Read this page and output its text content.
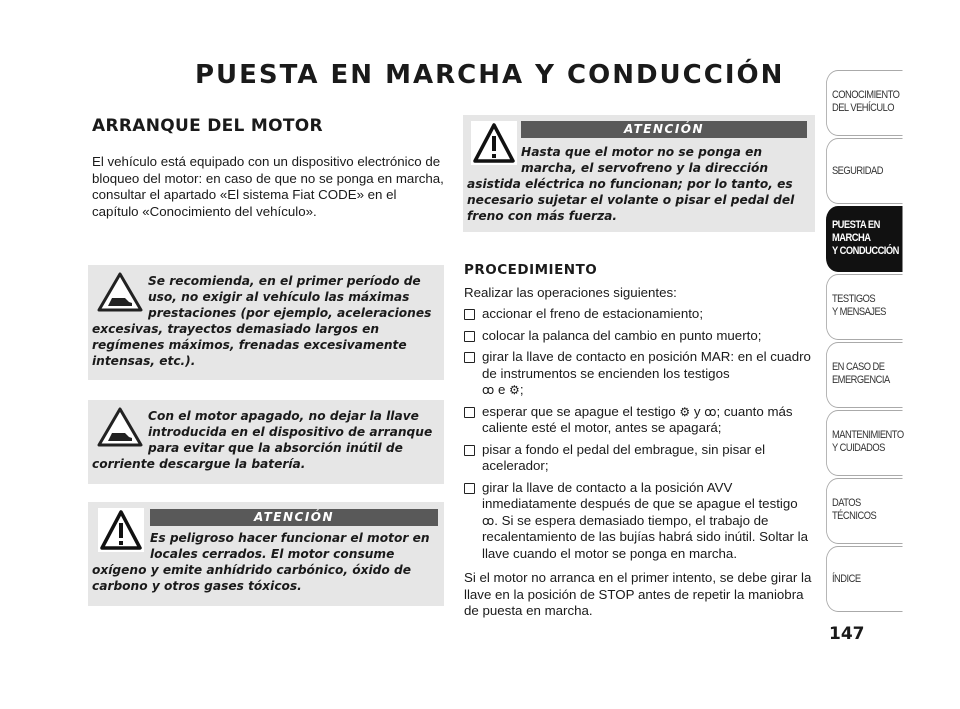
PUESTA EN MARCHA Y CONDUCCIÓN
ARRANQUE DEL MOTOR
El vehículo está equipado con un dispositivo electrónico de bloqueo del motor: en caso de que no se ponga en marcha, consultar el apartado «El sistema Fiat CODE» en el capítulo «Conocimiento del vehículo».
Se recomienda, en el primer período de uso, no exigir al vehículo las máximas prestaciones (por ejemplo, aceleraciones
excesivas, trayectos demasiado largos en regímenes máximos, frenadas excesivamente intensas, etc.).
Con el motor apagado, no dejar la llave introducida en el dispositivo de arranque para evitar que la absorción inútil de
corriente descargue la batería.
ATENCIÓN
Es peligroso hacer funcionar el motor en locales cerrados. El motor consume
oxígeno y emite anhídrido carbónico, óxido de carbono y otros gases tóxicos.
ATENCIÓN
Hasta que el motor no se ponga en marcha, el servofreno y la dirección
asistida eléctrica no funcionan; por lo tanto, es necesario sujetar el volante o pisar el pedal del freno con más fuerza.
PROCEDIMIENTO
Realizar las operaciones siguientes:
accionar el freno de estacionamiento;
colocar la palanca del cambio en punto muerto;
girar la llave de contacto en posición MAR: en el cuadro de instrumentos se encienden los testigos
ꝏ e ⚙;
esperar que se apague el testigo ⚙ y ꝏ; cuanto más caliente esté el motor, antes se apagará;
pisar a fondo el pedal del embrague, sin pisar el acelerador;
girar la llave de contacto a la posición AVV inmediatamente después de que se apague el testigo
ꝏ. Si se espera demasiado tiempo, el trabajo de recalentamiento de las bujías habrá sido inútil. Soltar la llave cuando el motor se ponga en marcha.
Si el motor no arranca en el primer intento, se debe girar la llave en la posición de STOP antes de repetir la maniobra de puesta en marcha.
CONOCIMIENTO
DEL VEHÍCULO
SEGURIDAD
PUESTA EN
MARCHA
Y CONDUCCIÓN
TESTIGOS
Y MENSAJES
EN CASO DE
EMERGENCIA
MANTENIMIENTO
Y CUIDADOS
DATOS
TÉCNICOS
ÍNDICE
147
